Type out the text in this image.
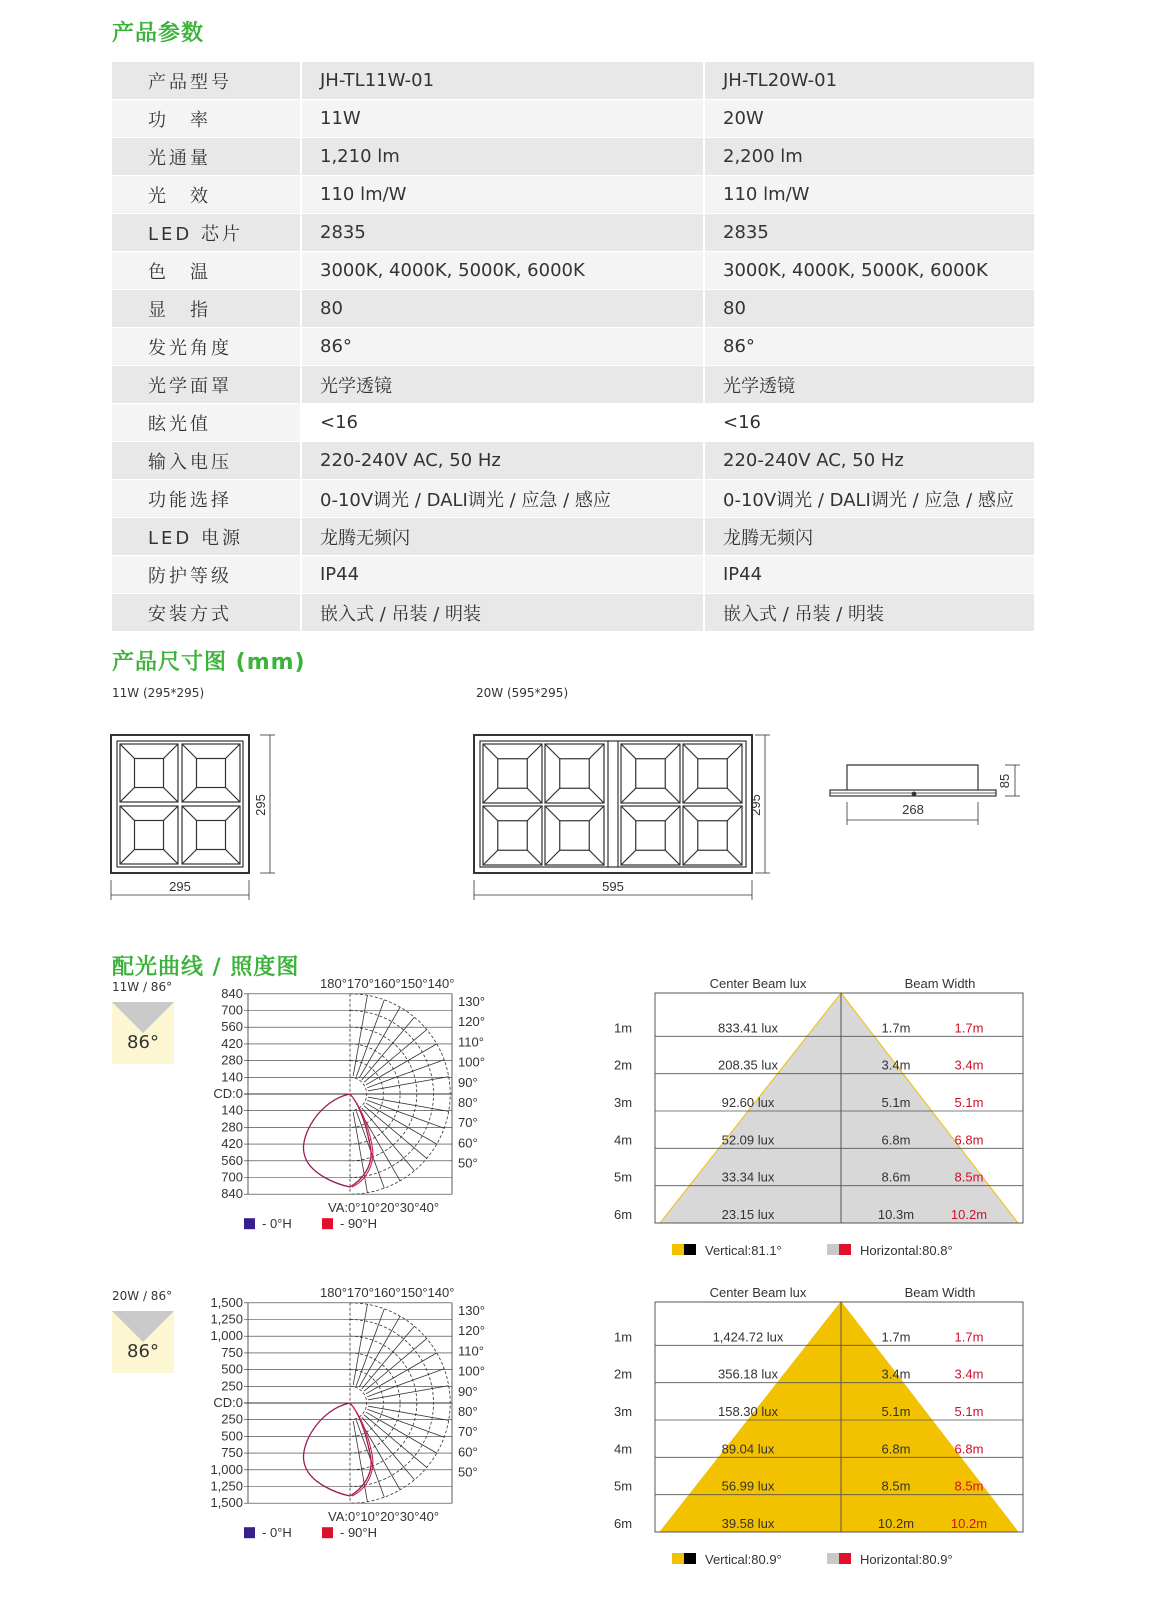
产品参数
产品型号	JH-TL11W-01	JH-TL20W-01
功　率	11W	20W
光通量	1,210 lm	2,200 lm
光　效	110 lm/W	110 lm/W
LED 芯片	2835	2835
色　温	3000K, 4000K, 5000K, 6000K	3000K, 4000K, 5000K, 6000K
显　指	80	80
发光角度	86°	86°
光学面罩	光学透镜	光学透镜
眩光值	<16	<16
输入电压	220-240V AC, 50 Hz	220-240V AC, 50 Hz
功能选择	0-10V调光 / DALI调光 / 应急 / 感应	0-10V调光 / DALI调光 / 应急 / 感应
LED 电源	龙腾无频闪	龙腾无频闪
防护等级	IP44	IP44
安装方式	嵌入式 / 吊装 / 明装	嵌入式 / 吊装 / 明装
产品尺寸图 (mm)
11W (295*295)	20W (595*295)
295
295
595
295	268
85
配光曲线 / 照度图
11W / 86°
86°
180°170°160°150°140°
VA:0°10°20°30°40°
840
700
560
420
280
140
CD:0
140
280
420
560
700
840
130°
120°
110°
100°
90°
80°
70°
60°
50°
- 0°H	- 90°H
Center Beam lux	Beam Width
1m	833.41 lux	1.7m	1.7m
2m	208.35 lux	3.4m	3.4m
3m	92.60 lux	5.1m	5.1m
4m	52.09 lux	6.8m	6.8m
5m	33.34 lux	8.6m	8.5m
6m	23.15 lux	10.3m	10.2m
Vertical:81.1°	Horizontal:80.8°
20W / 86°
86°
180°170°160°150°140°
VA:0°10°20°30°40°
1,500
1,250
1,000
750
500
250
CD:0
250
500
750
1,000
1,250
1,500
130°
120°
110°
100°
90°
80°
70°
60°
50°
- 0°H	- 90°H
Center Beam lux	Beam Width
1m	1,424.72 lux	1.7m	1.7m
2m	356.18 lux	3.4m	3.4m
3m	158.30 lux	5.1m	5.1m
4m	89.04 lux	6.8m	6.8m
5m	56.99 lux	8.5m	8.5m
6m	39.58 lux	10.2m	10.2m
Vertical:80.9°	Horizontal:80.9°
